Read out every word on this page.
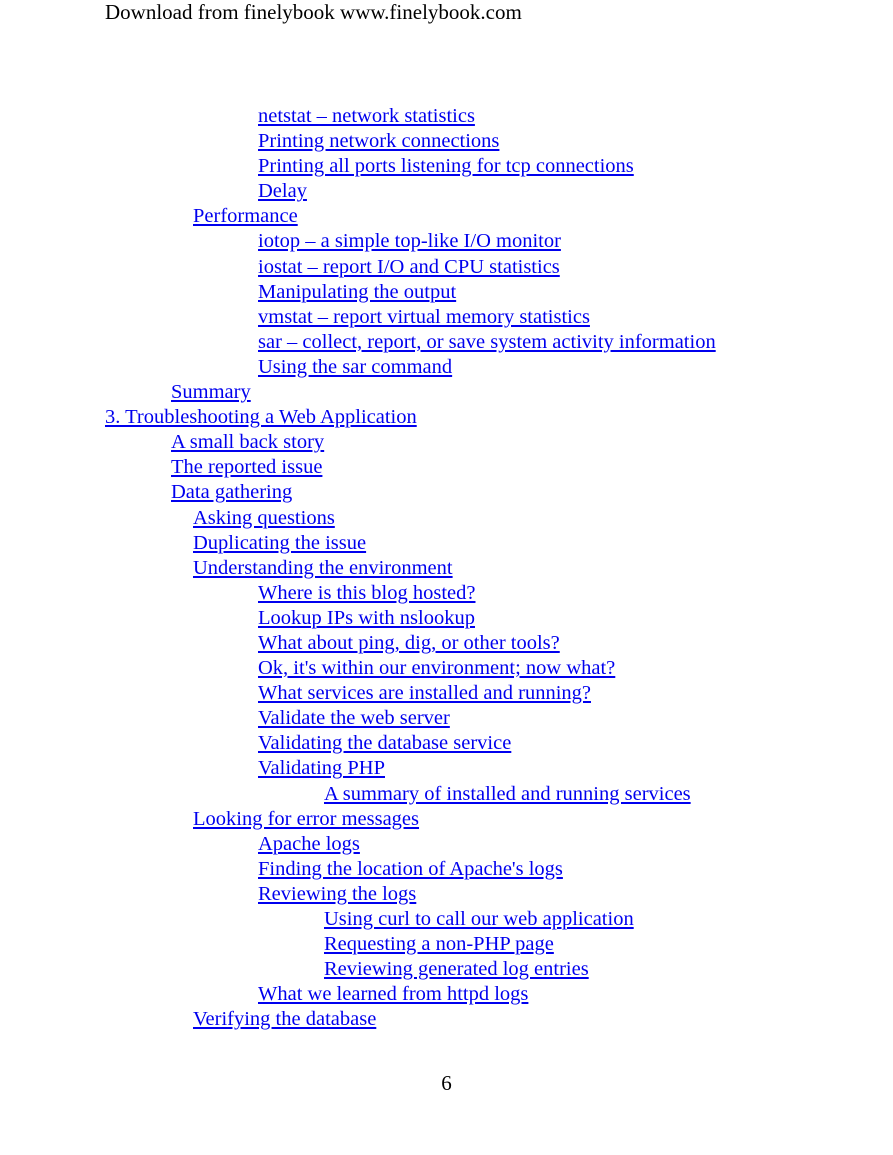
Download from finelybook www.finelybook.com
netstat – network statistics
Printing network connections
Printing all ports listening for tcp connections
Delay
Performance
iotop – a simple top-like I/O monitor
iostat – report I/O and CPU statistics
Manipulating the output
vmstat – report virtual memory statistics
sar – collect, report, or save system activity information
Using the sar command
Summary
3. Troubleshooting a Web Application
A small back story
The reported issue
Data gathering
Asking questions
Duplicating the issue
Understanding the environment
Where is this blog hosted?
Lookup IPs with nslookup
What about ping, dig, or other tools?
Ok, it's within our environment; now what?
What services are installed and running?
Validate the web server
Validating the database service
Validating PHP
A summary of installed and running services
Looking for error messages
Apache logs
Finding the location of Apache's logs
Reviewing the logs
Using curl to call our web application
Requesting a non-PHP page
Reviewing generated log entries
What we learned from httpd logs
Verifying the database
6
